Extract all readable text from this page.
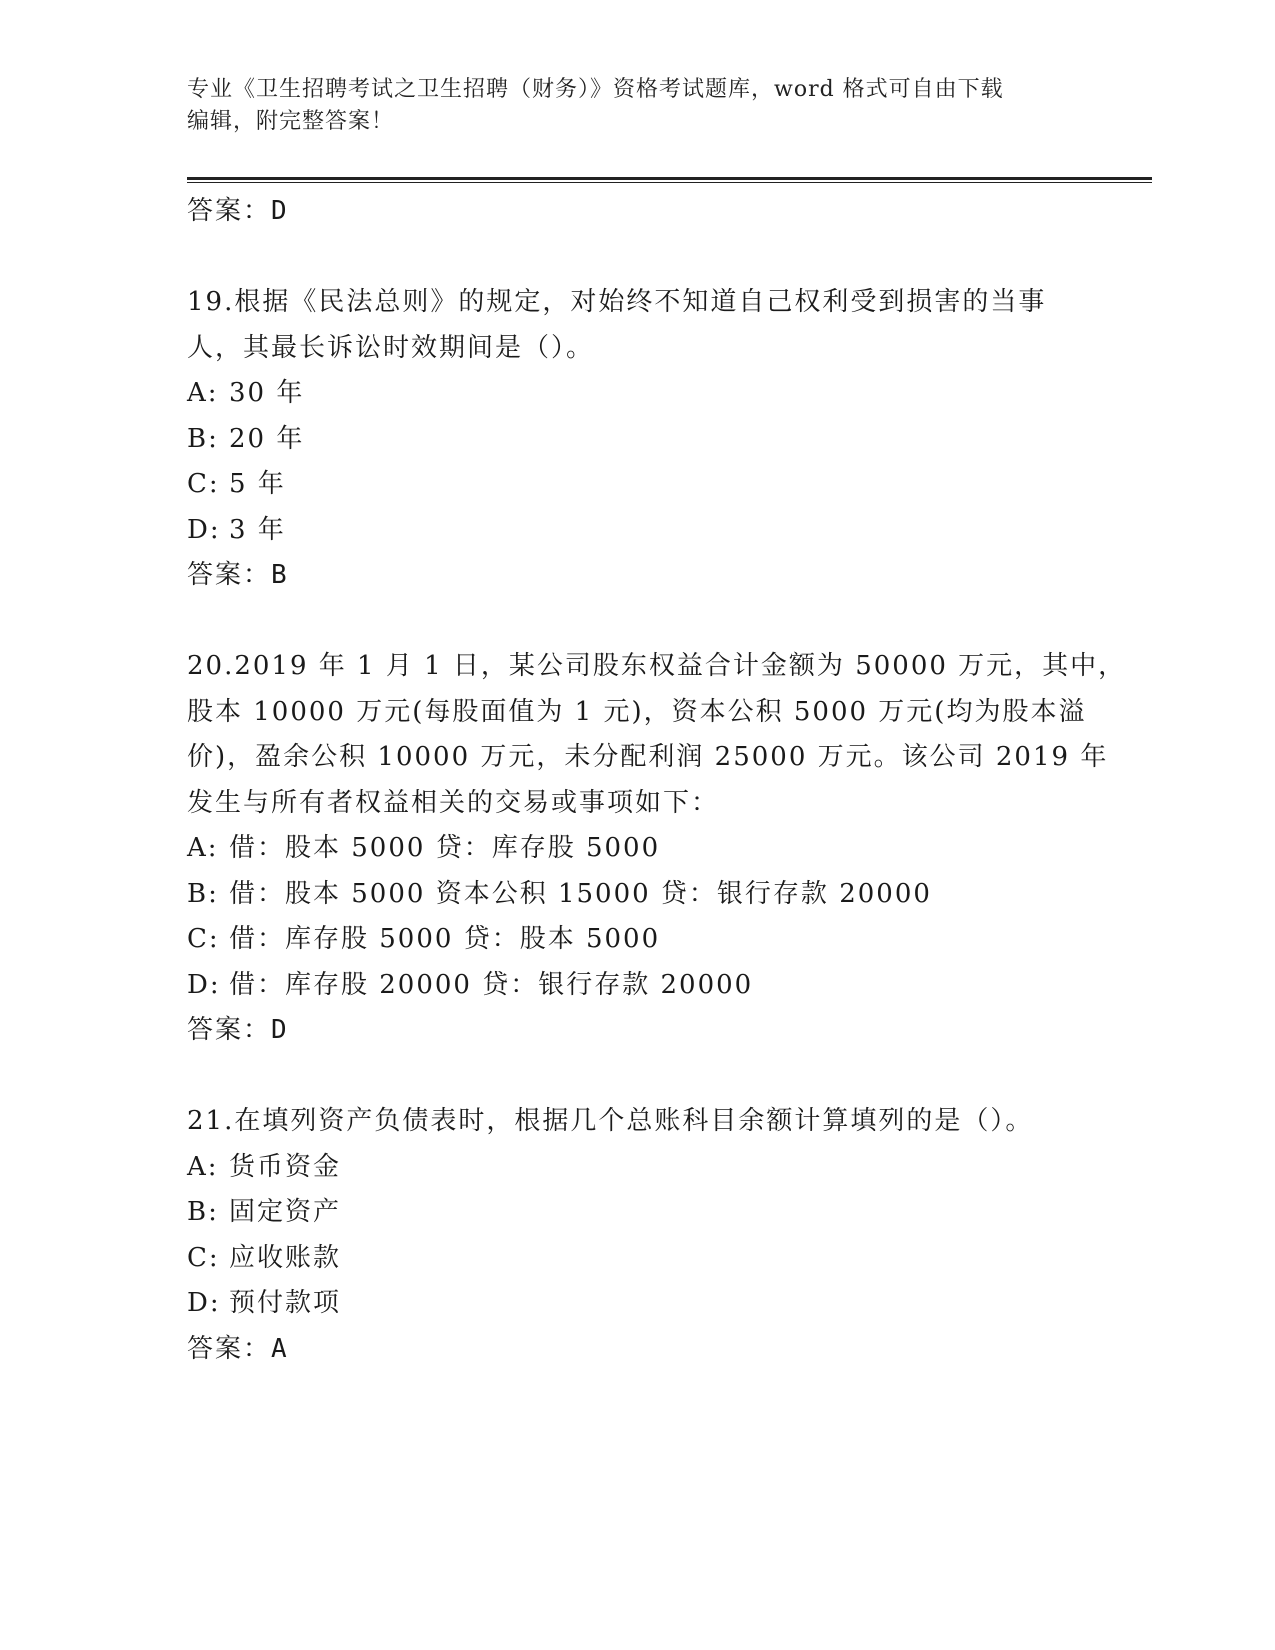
专业《卫生招聘考试之卫生招聘（财务）》资格考试题库，word 格式可自由下载
编辑，附完整答案！
答案：D
19.根据《民法总则》的规定，对始终不知道自己权利受到损害的当事
人，其最长诉讼时效期间是（）。
A: 30 年
B: 20 年
C: 5 年
D: 3 年
答案：B
20.2019 年 1 月 1 日，某公司股东权益合计金额为 50000 万元，其中，
股本 10000 万元(每股面值为 1 元)，资本公积 5000 万元(均为股本溢
价)，盈余公积 10000 万元，未分配利润 25000 万元。该公司 2019 年
发生与所有者权益相关的交易或事项如下：
A: 借：股本 5000 贷：库存股 5000
B: 借：股本 5000 资本公积 15000 贷：银行存款 20000
C: 借：库存股 5000 贷：股本 5000
D: 借：库存股 20000 贷：银行存款 20000
答案：D
21.在填列资产负债表时，根据几个总账科目余额计算填列的是（）。
A: 货币资金
B: 固定资产
C: 应收账款
D: 预付款项
答案：A
